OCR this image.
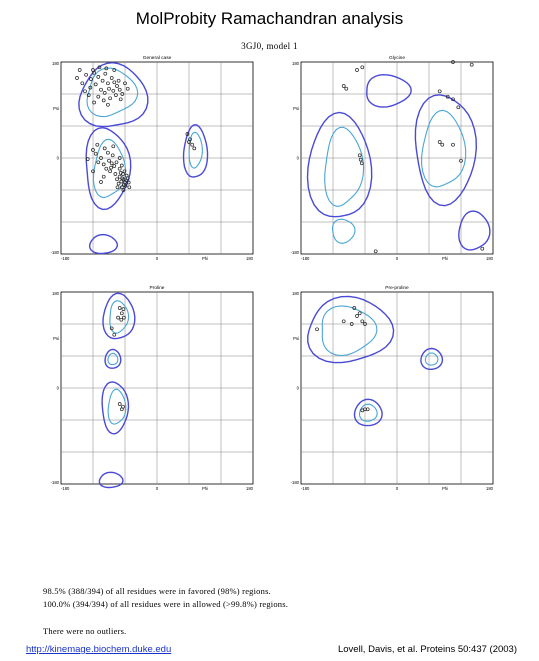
MolProbity Ramachandran analysis
3GJ0, model 1
General case
-180	0	180
180
0
-180
Phi
Psi
Glycine
-180	0	180
180
0
-180
Phi
Psi
Proline
-180	0	180
180
0
-180
Phi
Psi
Pre-proline
-180	0	180
180
0
-180
Phi
Psi
98.5% (388/394) of all residues were in favored (98%) regions.
100.0% (394/394) of all residues were in allowed (>99.8%) regions.
There were no outliers.
http://kinemage.biochem.duke.edu	Lovell, Davis, et al. Proteins 50:437 (2003)
